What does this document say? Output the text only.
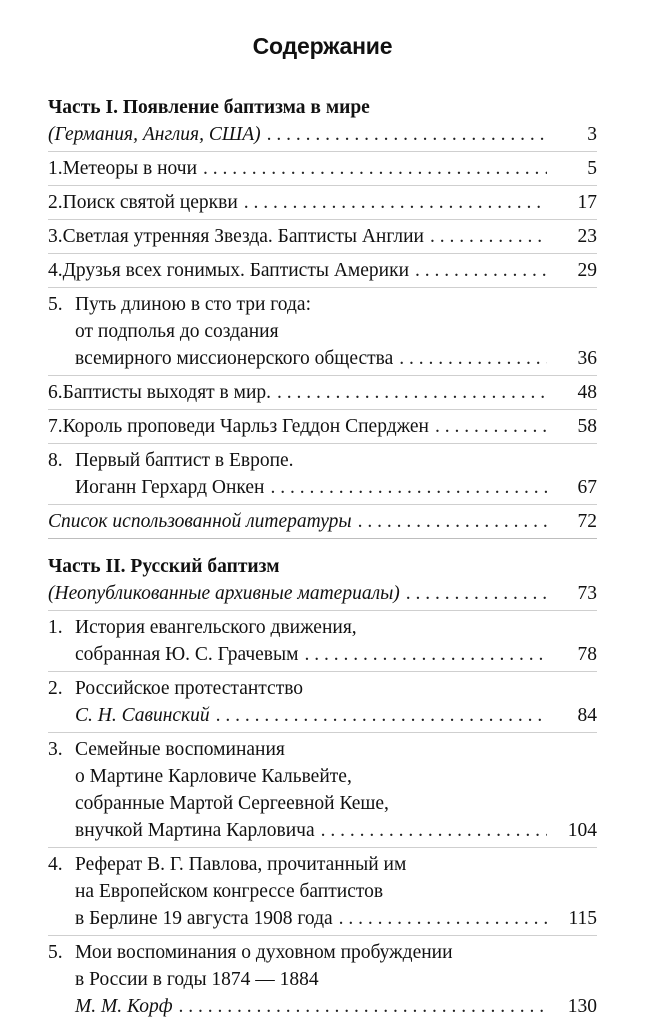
Содержание
Часть I. Появление баптизма в мире
(Германия, Англия, США) . . .	3
1. Метеоры в ночи . . .	5
2. Поиск святой церкви . . .	17
3. Светлая утренняя Звезда. Баптисты Англии . . .	23
4. Друзья всех гонимых. Баптисты Америки . . .	29
5. Путь длиною в сто три года:
от подполья до создания
всемирного миссионерского общества . . .	36
6. Баптисты выходят в мир. . . .	48
7. Король проповеди Чарльз Геддон Сперджен . . .	58
8. Первый баптист в Европе.
Иоганн Герхард Онкен . . .	67
Список использованной литературы . . .	72
Часть II. Русский баптизм
(Неопубликованные архивные материалы) . . .	73
1. История евангельского движения,
собранная Ю. С. Грачевым . . .	78
2. Российское протестантство
С. Н. Савинский . . .	84
3. Семейные воспоминания
о Мартине Карловиче Кальвейте,
собранные Мартой Сергеевной Кеше,
внучкой Мартина Карловича . . .	104
4. Реферат В. Г. Павлова, прочитанный им
на Европейском конгрессе баптистов
в Берлине 19 августа 1908 года . . .	115
5. Мои воспоминания о духовном пробуждении
в России в годы 1874 — 1884
М. М. Корф . . .	130
